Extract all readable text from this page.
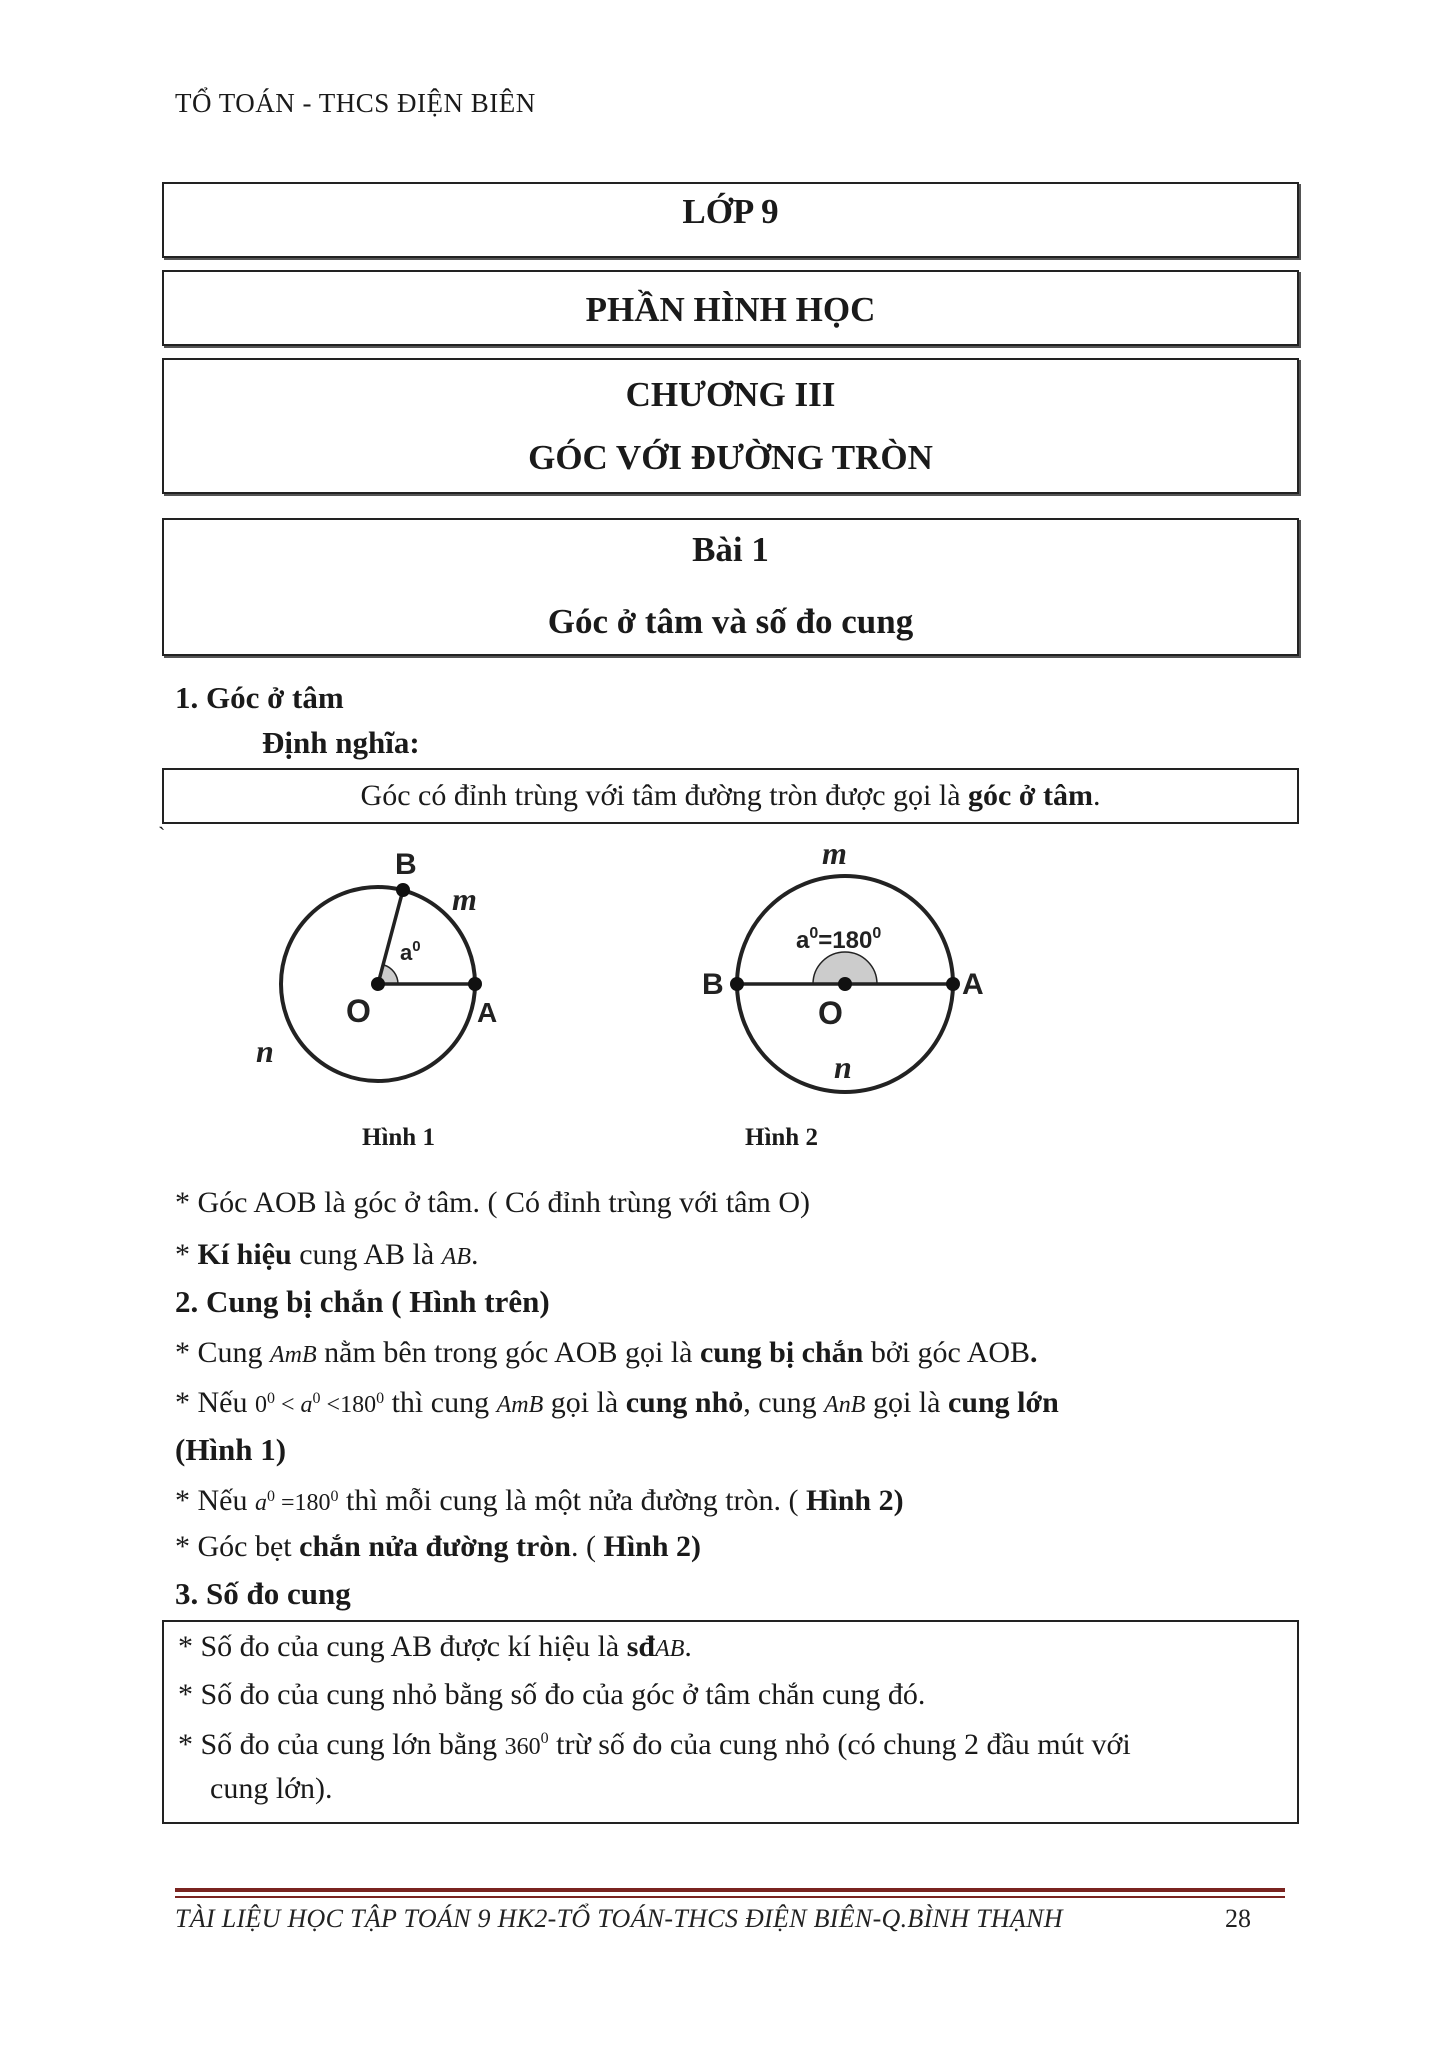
TỔ TOÁN - THCS ĐIỆN BIÊN
LỚP 9
PHẦN HÌNH HỌC
CHƯƠNG III
GÓC VỚI ĐƯỜNG TRÒN
Bài 1
Góc ở tâm và số đo cung
1. Góc ở tâm
Định nghĩa:
Góc có đỉnh trùng với tâm đường tròn được gọi là góc ở tâm.
`
B
m
$a^0$
O	A
n
Hình 1
m
$a^0=180^0$
B
O
A
n
Hình 2
* Góc AOB là góc ở tâm. ( Có đỉnh trùng với tâm O)
* Kí hiệu cung AB là AB.
2. Cung bị chắn ( Hình trên)
* Cung AmB nằm bên trong góc AOB gọi là cung bị chắn bởi góc AOB.
* Nếu $0^0 < a^0 <180^0$ thì cung AmB gọi là cung nhỏ, cung AnB gọi là cung lớn
(Hình 1)
* Nếu $a^0 =180^0$ thì mỗi cung là một nửa đường tròn. ( Hình 2)
* Góc bẹt chắn nửa đường tròn. ( Hình 2)
3. Số đo cung
* Số đo của cung AB được kí hiệu là sđAB.
* Số đo của cung nhỏ bằng số đo của góc ở tâm chắn cung đó.
* Số đo của cung lớn bằng $360^0$ trừ số đo của cung nhỏ (có chung 2 đầu mút với
cung lớn).
TÀI LIỆU HỌC TẬP TOÁN 9 HK2-TỔ TOÁN-THCS ĐIỆN BIÊN-Q.BÌNH THẠNH	28
